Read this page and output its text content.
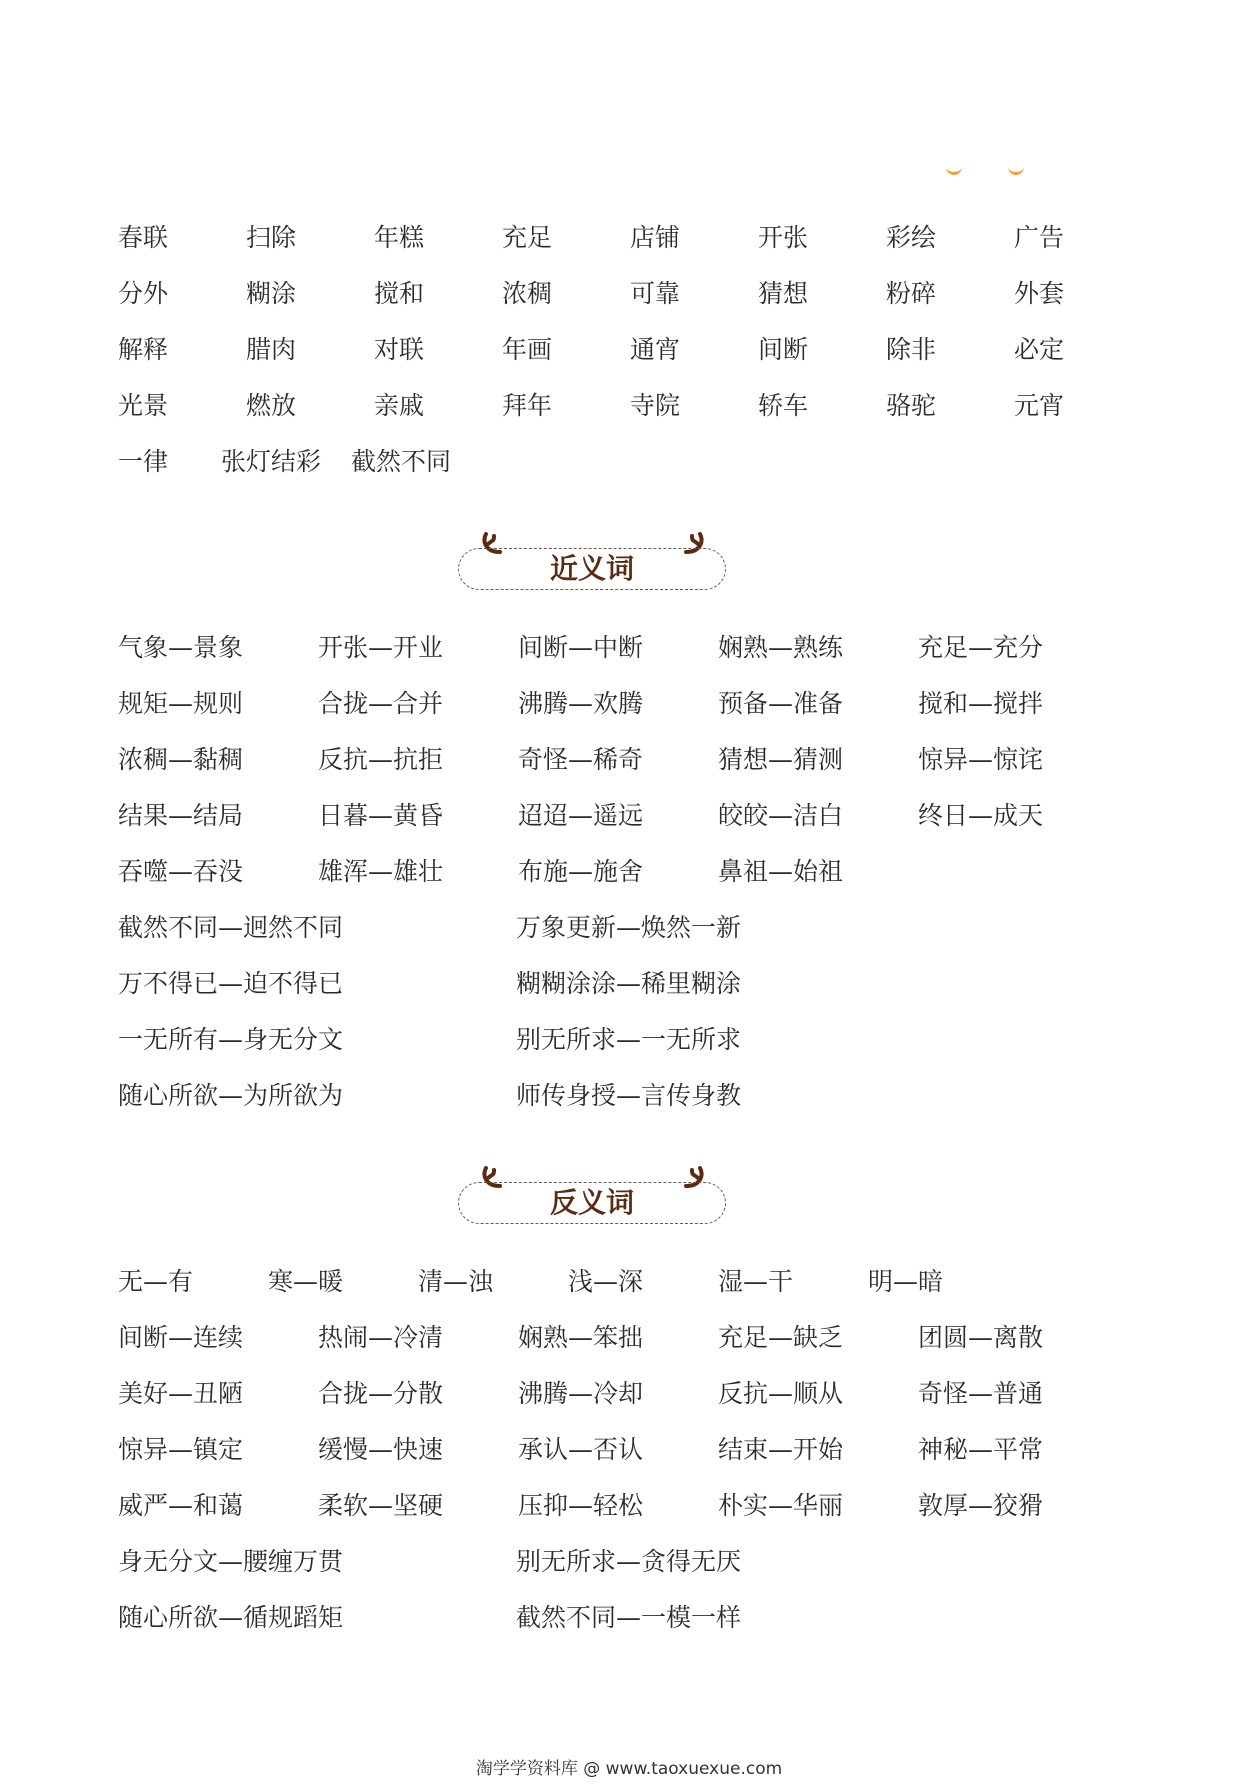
春联	扫除	年糕	充足	店铺	开张	彩绘	广告
分外	糊涂	搅和	浓稠	可靠	猜想	粉碎	外套
解释	腊肉	对联	年画	通宵	间断	除非	必定
光景	燃放	亲戚	拜年	寺院	轿车	骆驼	元宵
一律	张灯结彩 截然不同
近义词
气象—景象	开张—开业	间断—中断	娴熟—熟练	充足—充分
规矩—规则	合拢—合并	沸腾—欢腾	预备—准备	搅和—搅拌
浓稠—黏稠	反抗—抗拒	奇怪—稀奇	猜想—猜测	惊异—惊诧
结果—结局	日暮—黄昏	迢迢—遥远	皎皎—洁白	终日—成天
吞噬—吞没	雄浑—雄壮	布施—施舍	鼻祖—始祖
截然不同—迥然不同	万象更新—焕然一新
万不得已—迫不得已	糊糊涂涂—稀里糊涂
一无所有—身无分文	别无所求—一无所求
随心所欲—为所欲为	师传身授—言传身教
反义词
无—有	寒—暖	清—浊	浅—深	湿—干	明—暗
间断—连续	热闹—冷清	娴熟—笨拙	充足—缺乏	团圆—离散
美好—丑陋	合拢—分散	沸腾—冷却	反抗—顺从	奇怪—普通
惊异—镇定	缓慢—快速	承认—否认	结束—开始	神秘—平常
威严—和蔼	柔软—坚硬	压抑—轻松	朴实—华丽	敦厚—狡猾
身无分文—腰缠万贯	别无所求—贪得无厌
随心所欲—循规蹈矩	截然不同—一模一样
淘学学资料库 @ www.taoxuexue.com
